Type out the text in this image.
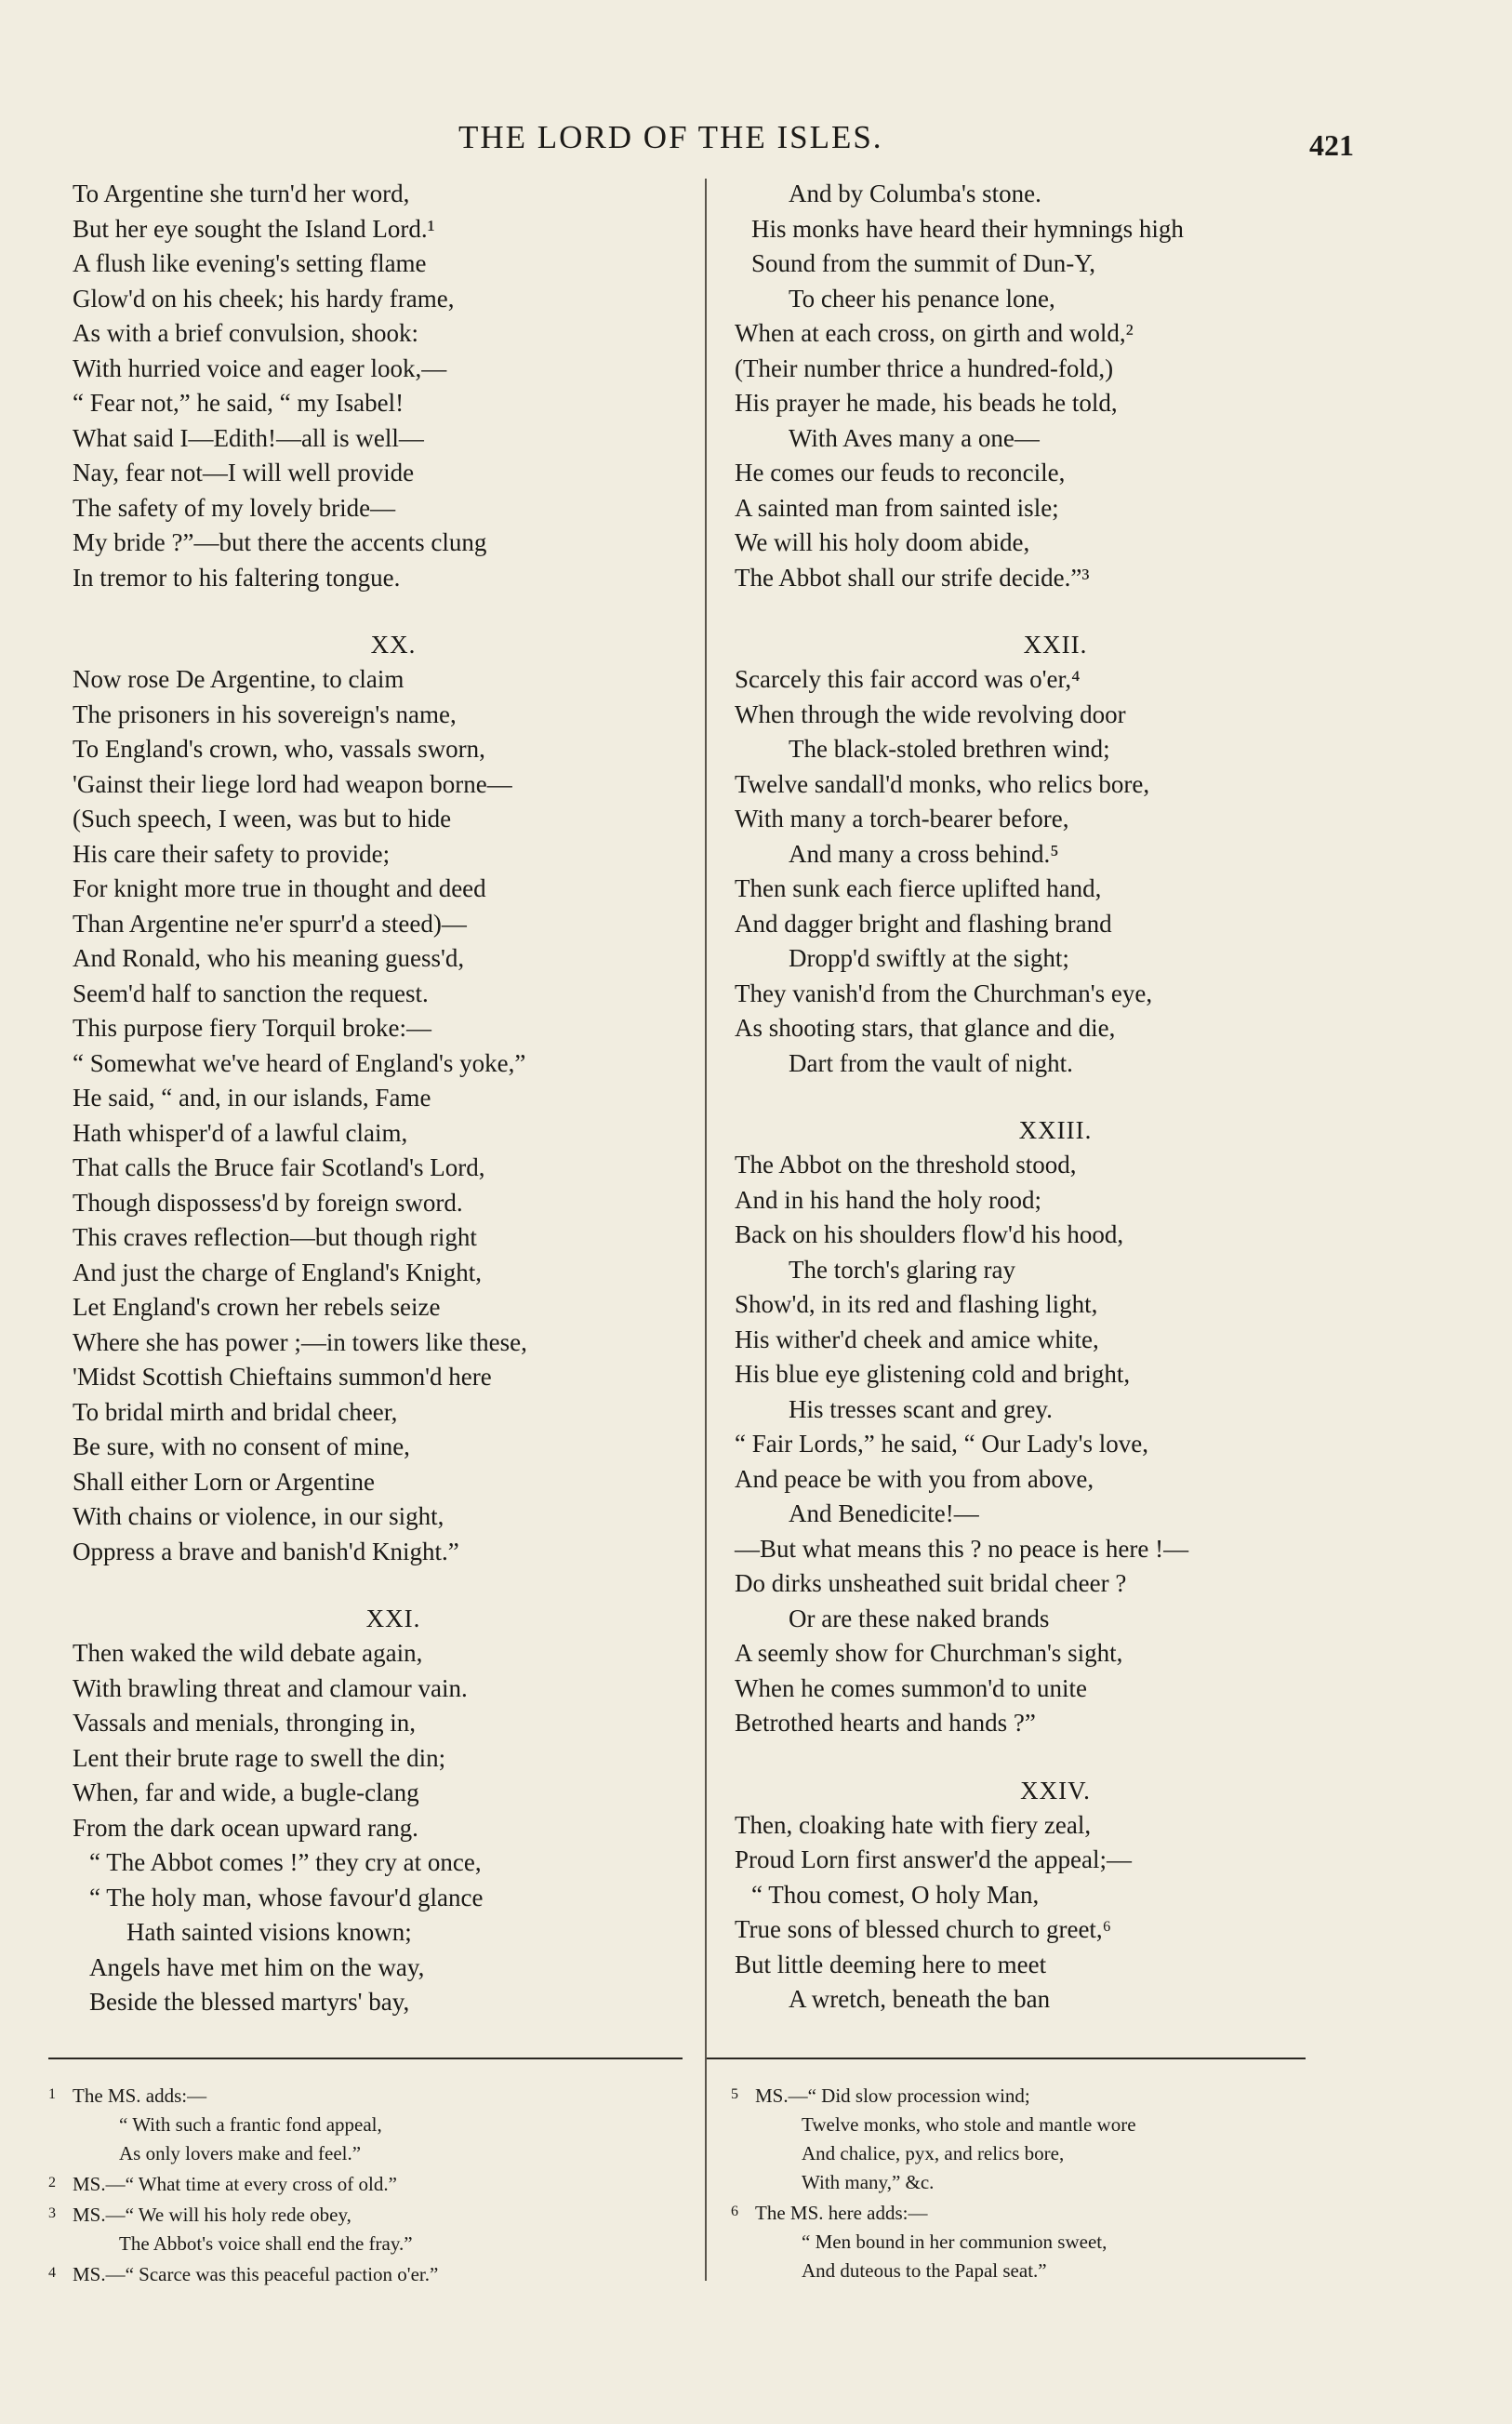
THE LORD OF THE ISLES.	421

To Argentine she turn'd her word,

But her eye sought the Island Lord.¹

A flush like evening's setting flame

Glow'd on his cheek; his hardy frame,

As with a brief convulsion, shook:

With hurried voice and eager look,—

“ Fear not,” he said, “ my Isabel!

What said I—Edith!—all is well—

Nay, fear not—I will well provide

The safety of my lovely bride—

My bride ?”—but there the accents clung

In tremor to his faltering tongue.

XX.

Now rose De Argentine, to claim

The prisoners in his sovereign's name,

To England's crown, who, vassals sworn,

'Gainst their liege lord had weapon borne—

(Such speech, I ween, was but to hide

His care their safety to provide;

For knight more true in thought and deed

Than Argentine ne'er spurr'd a steed)—

And Ronald, who his meaning guess'd,

Seem'd half to sanction the request.

This purpose fiery Torquil broke:—

“ Somewhat we've heard of England's yoke,”

He said, “ and, in our islands, Fame

Hath whisper'd of a lawful claim,

That calls the Bruce fair Scotland's Lord,

Though dispossess'd by foreign sword.

This craves reflection—but though right

And just the charge of England's Knight,

Let England's crown her rebels seize

Where she has power ;—in towers like these,

'Midst Scottish Chieftains summon'd here

To bridal mirth and bridal cheer,

Be sure, with no consent of mine,

Shall either Lorn or Argentine

With chains or violence, in our sight,

Oppress a brave and banish'd Knight.”

XXI.

Then waked the wild debate again,

With brawling threat and clamour vain.

Vassals and menials, thronging in,

Lent their brute rage to swell the din;

When, far and wide, a bugle-clang

From the dark ocean upward rang.

“ The Abbot comes !” they cry at once,

“ The holy man, whose favour'd glance

Hath sainted visions known;

Angels have met him on the way,

Beside the blessed martyrs' bay,

And by Columba's stone.

His monks have heard their hymnings high

Sound from the summit of Dun-Y,

To cheer his penance lone,

When at each cross, on girth and wold,²

(Their number thrice a hundred-fold,)

His prayer he made, his beads he told,

With Aves many a one—

He comes our feuds to reconcile,

A sainted man from sainted isle;

We will his holy doom abide,

The Abbot shall our strife decide.”³

XXII.

Scarcely this fair accord was o'er,⁴

When through the wide revolving door

The black-stoled brethren wind;

Twelve sandall'd monks, who relics bore,

With many a torch-bearer before,

And many a cross behind.⁵

Then sunk each fierce uplifted hand,

And dagger bright and flashing brand

Dropp'd swiftly at the sight;

They vanish'd from the Churchman's eye,

As shooting stars, that glance and die,

Dart from the vault of night.

XXIII.

The Abbot on the threshold stood,

And in his hand the holy rood;

Back on his shoulders flow'd his hood,

The torch's glaring ray

Show'd, in its red and flashing light,

His wither'd cheek and amice white,

His blue eye glistening cold and bright,

His tresses scant and grey.

“ Fair Lords,” he said, “ Our Lady's love,

And peace be with you from above,

And Benedicite!—

—But what means this ? no peace is here !—

Do dirks unsheathed suit bridal cheer ?

Or are these naked brands

A seemly show for Churchman's sight,

When he comes summon'd to unite

Betrothed hearts and hands ?”

XXIV.

Then, cloaking hate with fiery zeal,

Proud Lorn first answer'd the appeal;—

“ Thou comest, O holy Man,

True sons of blessed church to greet,⁶

But little deeming here to meet

A wretch, beneath the ban

1 The MS. adds:—
“ With such a frantic fond appeal,
As only lovers make and feel.”
2 MS.—“ What time at every cross of old.”
3 MS.—“ We will his holy rede obey,
The Abbot's voice shall end the fray.”
4 MS.—“ Scarce was this peaceful paction o'er.”
5 MS.—“ Did slow procession wind;
Twelve monks, who stole and mantle wore
And chalice, pyx, and relics bore,
With many,” &c.
6 The MS. here adds:—
“ Men bound in her communion sweet,
And duteous to the Papal seat.”
